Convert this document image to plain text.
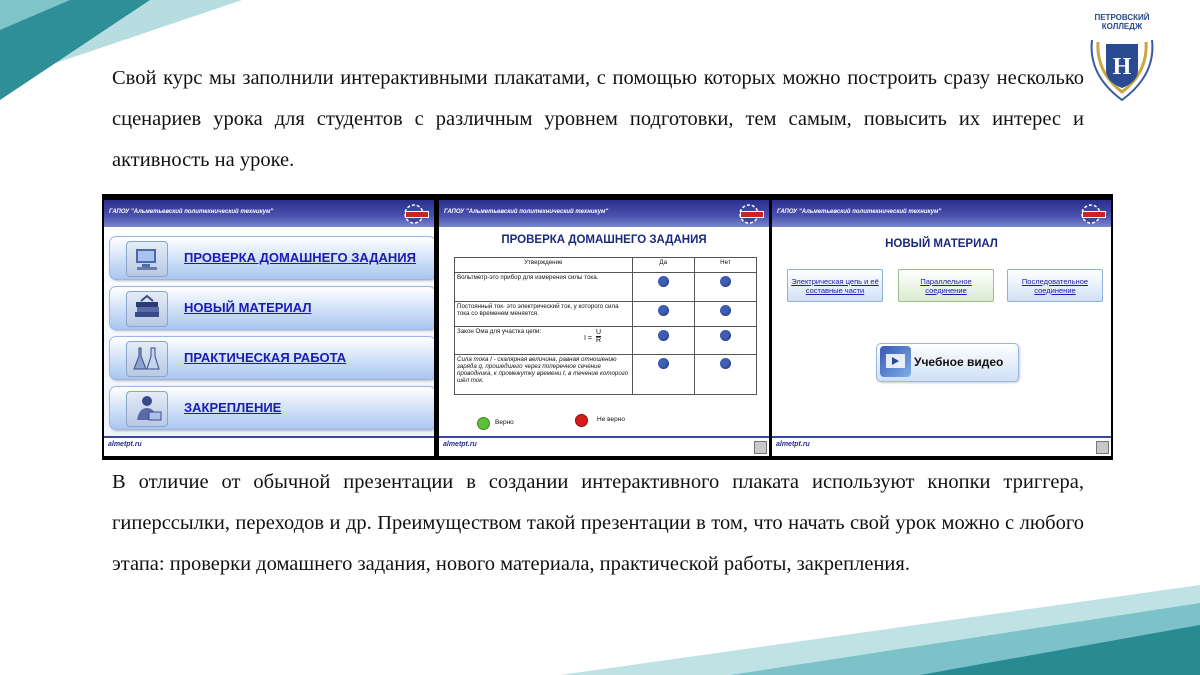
ПЕТРОВСКИЙ КОЛЛЕДЖ
Н
Свой курс мы заполнили интерактивными плакатами, с помощью которых можно построить сразу несколько сценариев урока для студентов с различным уровнем подготовки, тем самым, повысить их интерес и активность на уроке.
ГАПОУ "Альметьевский политехнический техникум"
ПРОВЕРКА ДОМАШНЕГО ЗАДАНИЯ
НОВЫЙ МАТЕРИАЛ
ПРАКТИЧЕСКАЯ РАБОТА
ЗАКРЕПЛЕНИЕ
almetpt.ru
ГАПОУ "Альметьевский политехнический техникум"
ПРОВЕРКА ДОМАШНЕГО ЗАДАНИЯ
Утверждение	Да	Нет
Вольтметр-это прибор для измерения силы тока.	

Постоянный ток- это электрический ток, у которого сила тока со временем меняется.	

Закон Ома для участка цепи:
$I = \frac{U}{R}$

Сила тока I - скалярная величина, равная отношению заряда q, прошедшего через поперечное сечение проводника, к промежутку времени t, в течение которого шёл ток.	

Верно	Не верно
almetpt.ru
ГАПОУ "Альметьевский политехнический техникум"
НОВЫЙ МАТЕРИАЛ
Электрическая цепь и её составные части
Параллельное соединение
Последовательное соединение
Учебное видео
almetpt.ru
В отличие от обычной презентации в создании интерактивного плаката используют кнопки триггера, гиперссылки, переходов и др. Преимуществом такой презентации в том, что начать свой урок можно с любого этапа: проверки домашнего задания, нового материала, практической работы, закрепления.
